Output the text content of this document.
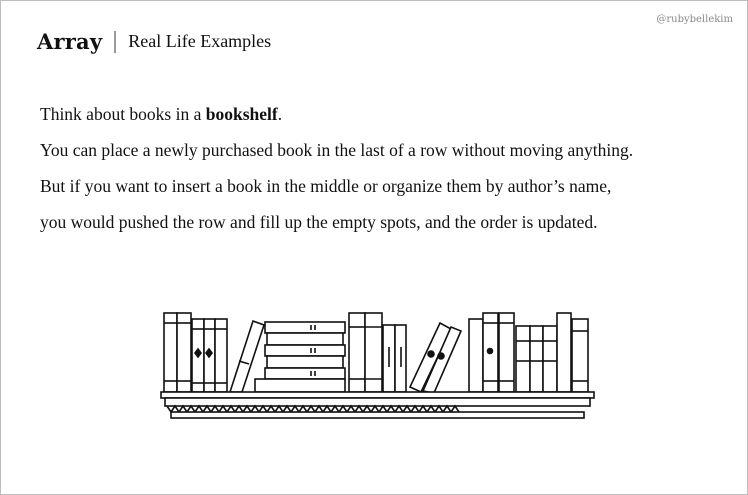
@rubybellekim
Array Real Life Examples

Think about books in a bookshelf.

You can place a newly purchased book in the last of a row without moving anything.

But if you want to insert a book in the middle or organize them by author’s name,

you would pushed the row and fill up the empty spots, and the order is updated.
